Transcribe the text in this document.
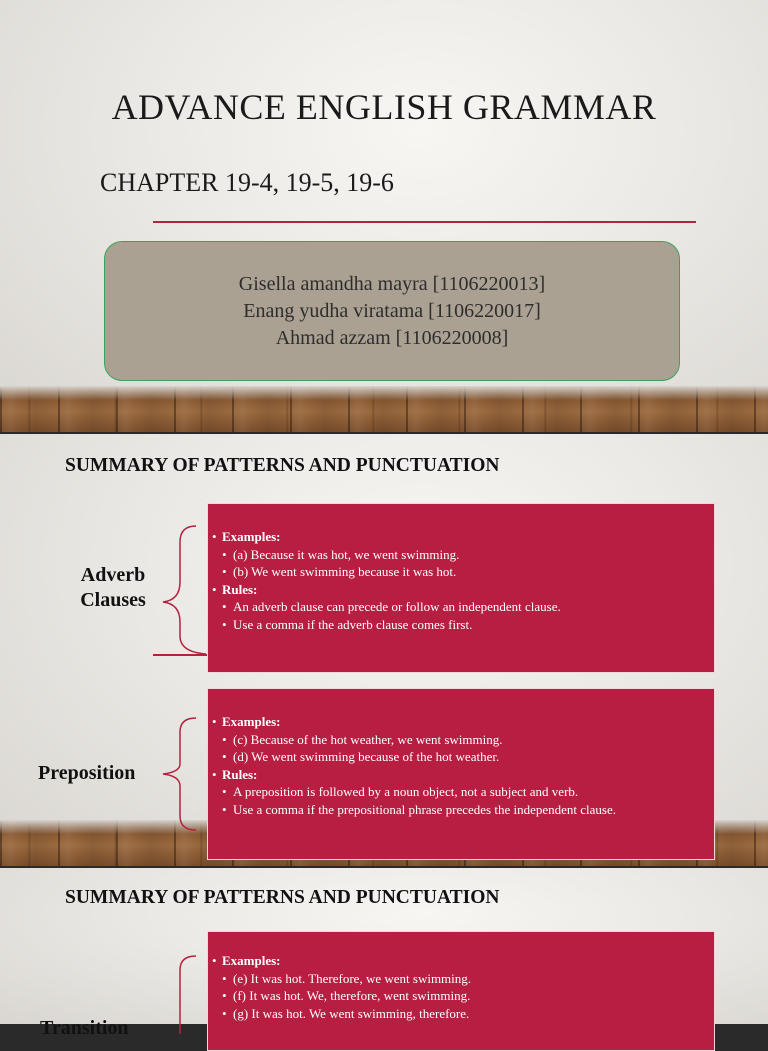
ADVANCE ENGLISH GRAMMAR
CHAPTER 19-4, 19-5, 19-6
Gisella amandha mayra [1106220013]
Enang yudha viratama [1106220017]
Ahmad azzam [1106220008]
SUMMARY OF PATTERNS AND PUNCTUATION
Adverb
Clauses
• Examples:
• (a) Because it was hot, we went swimming.
• (b) We went swimming because it was hot.
• Rules:
• An adverb clause can precede or follow an independent clause.
• Use a comma if the adverb clause comes first.
Preposition
• Examples:
• (c) Because of the hot weather, we went swimming.
• (d) We went swimming because of the hot weather.
• Rules:
• A preposition is followed by a noun object, not a subject and verb.
• Use a comma if the prepositional phrase precedes the independent clause.
SUMMARY OF PATTERNS AND PUNCTUATION
Transition
• Examples:
• (e) It was hot. Therefore, we went swimming.
• (f) It was hot. We, therefore, went swimming.
• (g) It was hot. We went swimming, therefore.
